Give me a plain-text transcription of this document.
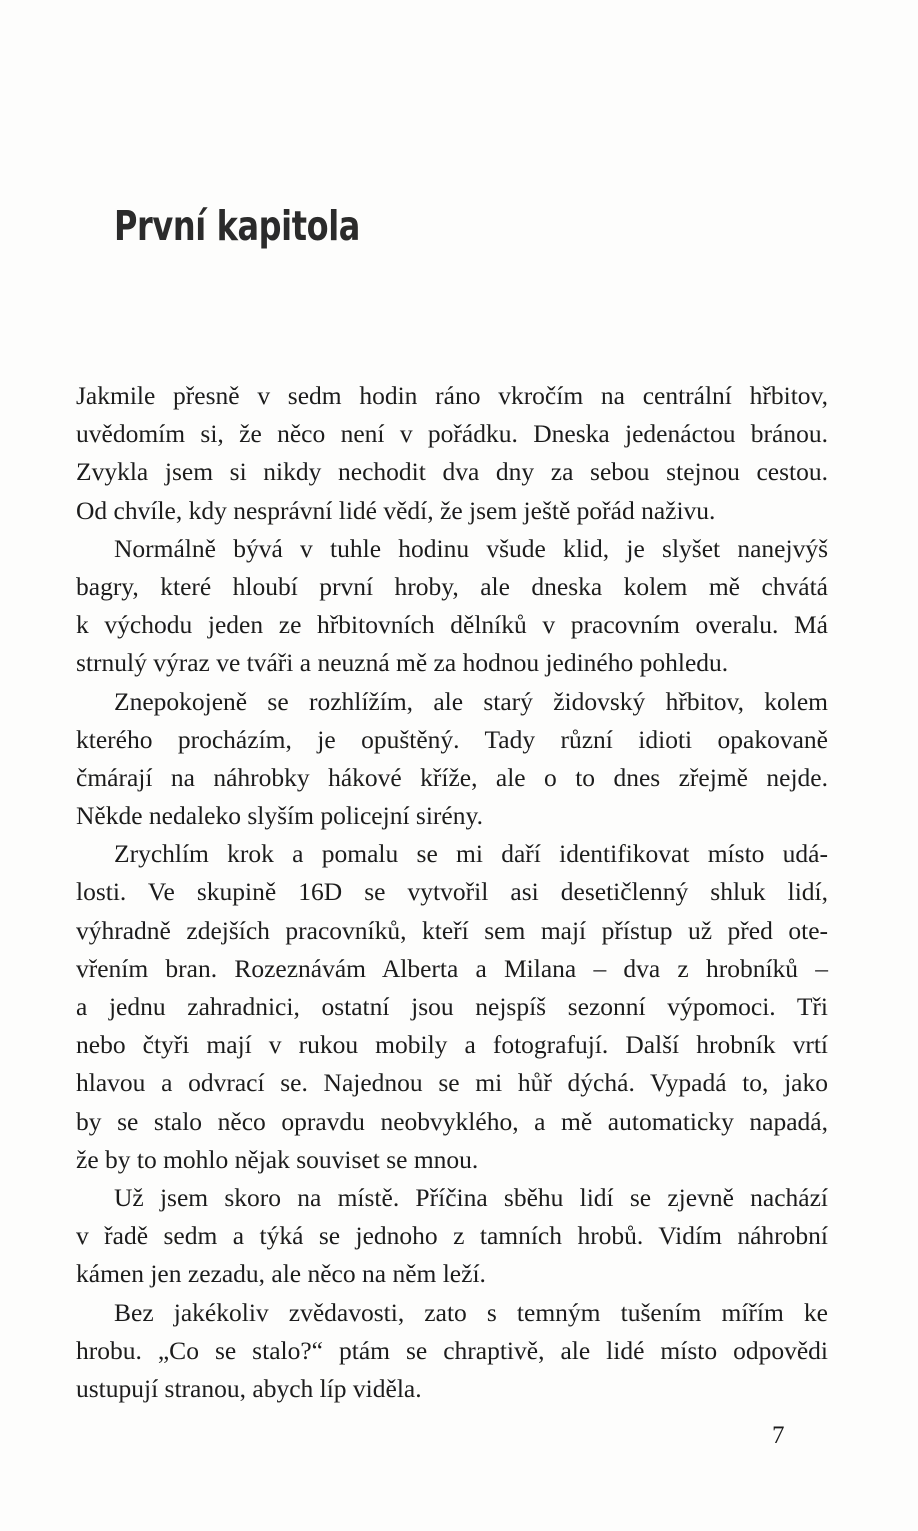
První kapitola

Jakmile přesně v sedm hodin ráno vkročím na centrální hřbitov,
uvědomím si, že něco není v pořádku. Dneska jedenáctou bránou.
Zvykla jsem si nikdy nechodit dva dny za sebou stejnou cestou.
Od chvíle, kdy nesprávní lidé vědí, že jsem ještě pořád naživu.

Normálně bývá v tuhle hodinu všude klid, je slyšet nanejvýš
bagry, které hloubí první hroby, ale dneska kolem mě chvátá
k východu jeden ze hřbitovních dělníků v pracovním overalu. Má
strnulý výraz ve tváři a neuzná mě za hodnou jediného pohledu.

Znepokojeně se rozhlížím, ale starý židovský hřbitov, kolem
kterého procházím, je opuštěný. Tady různí idioti opakovaně
čmárají na náhrobky hákové kříže, ale o to dnes zřejmě nejde.
Někde nedaleko slyším policejní sirény.

Zrychlím krok a pomalu se mi daří identifikovat místo udá-
losti. Ve skupině 16D se vytvořil asi desetičlenný shluk lidí,
výhradně zdejších pracovníků, kteří sem mají přístup už před ote-
vřením bran. Rozeznávám Alberta a Milana – dva z hrobníků –
a jednu zahradnici, ostatní jsou nejspíš sezonní výpomoci. Tři
nebo čtyři mají v rukou mobily a fotografují. Další hrobník vrtí
hlavou a odvrací se. Najednou se mi hůř dýchá. Vypadá to, jako
by se stalo něco opravdu neobvyklého, a mě automaticky napadá,
že by to mohlo nějak souviset se mnou.

Už jsem skoro na místě. Příčina sběhu lidí se zjevně nachází
v řadě sedm a týká se jednoho z tamních hrobů. Vidím náhrobní
kámen jen zezadu, ale něco na něm leží.

Bez jakékoliv zvědavosti, zato s temným tušením mířím ke
hrobu. „Co se stalo?“ ptám se chraptivě, ale lidé místo odpovědi
ustupují stranou, abych líp viděla.

7
